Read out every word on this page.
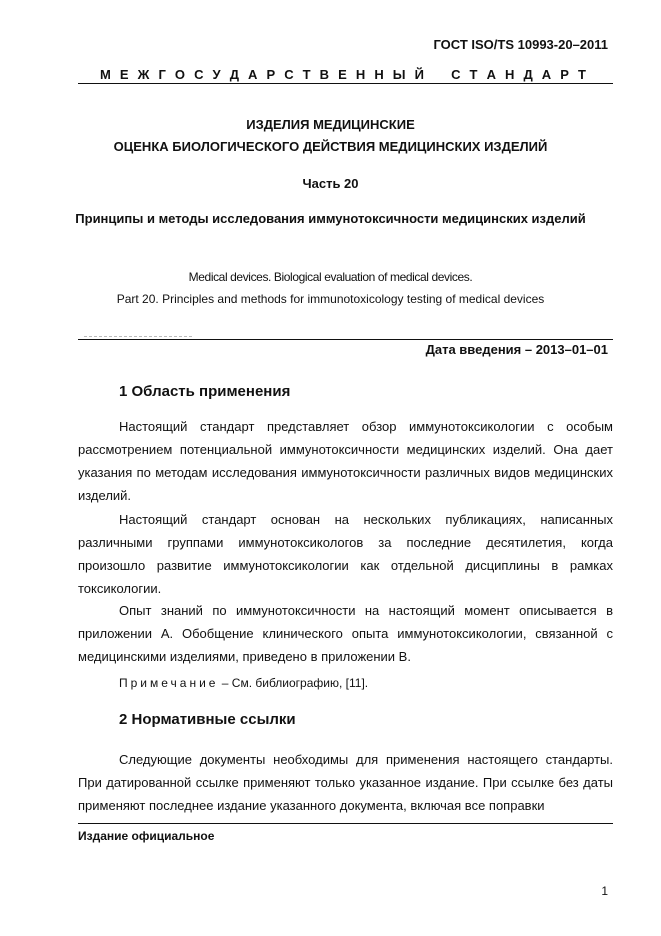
ГОСТ ISO/TS 10993-20–2011
М Е Ж Г О С У Д А Р С Т В Е Н Н Ы Й С Т А Н Д А Р Т
ИЗДЕЛИЯ МЕДИЦИНСКИЕ
ОЦЕНКА БИОЛОГИЧЕСКОГО ДЕЙСТВИЯ МЕДИЦИНСКИХ ИЗДЕЛИЙ
Часть 20
Принципы и методы исследования иммунотоксичности медицинских изделий
Medical devices. Biological evaluation of medical devices.
Part 20. Principles and methods for immunotoxicology testing of medical devices
Дата введения – 2013–01–01
1 Область применения

Настоящий стандарт представляет обзор иммунотоксикологии с особым рассмотрением потенциальной иммунотоксичности медицинских изделий. Она дает указания по методам исследования иммунотоксичности различных видов медицинских изделий.

Настоящий стандарт основан на нескольких публикациях, написанных различными группами иммунотоксикологов за последние десятилетия, когда произошло развитие иммунотоксикологии как отдельной дисциплины в рамках токсикологии.

Опыт знаний по иммунотоксичности на настоящий момент описывается в приложении А. Обобщение клинического опыта иммунотоксикологии, связанной с медицинскими изделиями, приведено в приложении В.

Примечание – См. библиографию, [11].
2 Нормативные ссылки

Следующие документы необходимы для применения настоящего стандарты. При датированной ссылке применяют только указанное издание. При ссылке без даты применяют последнее издание указанного документа, включая все поправки

Издание официальное
1
